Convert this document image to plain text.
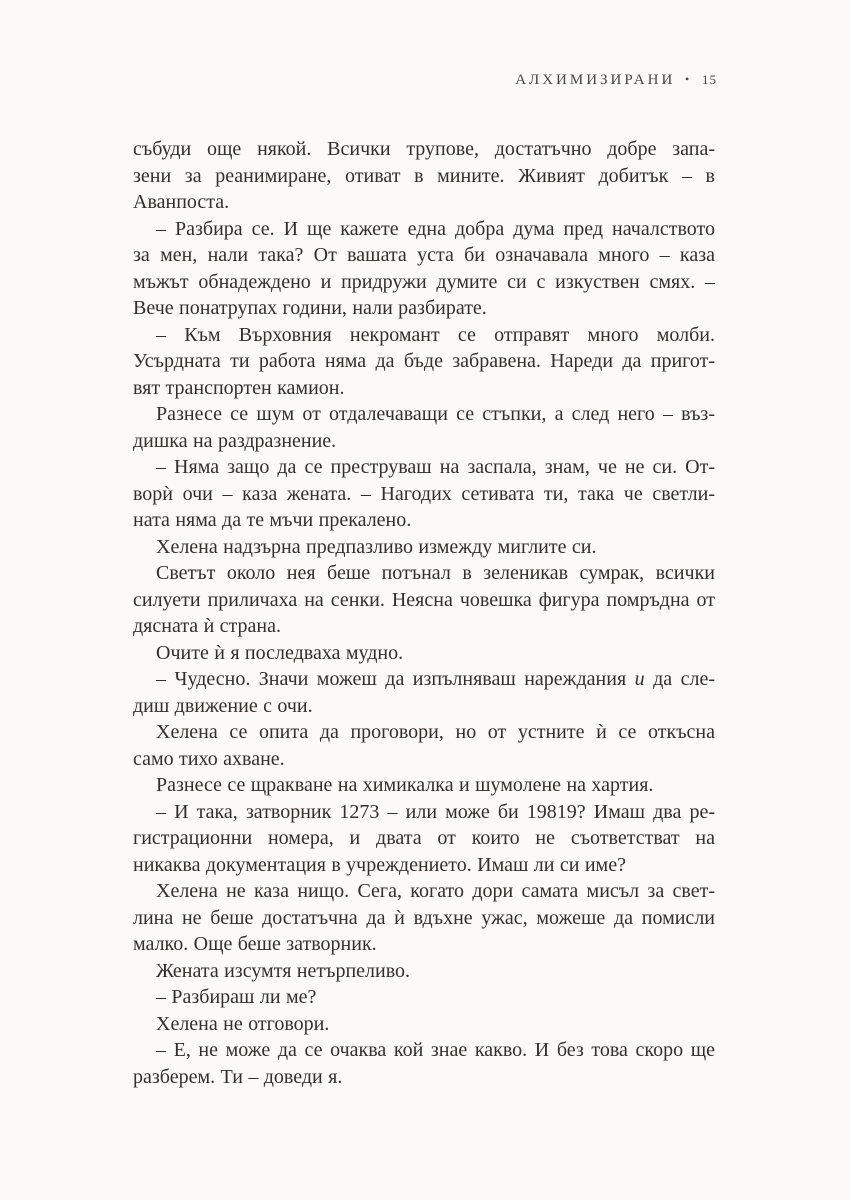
АЛХИМИЗИРАНИ • 15
събуди още някой. Всички трупове, достатъчно добре запа-
зени за реанимиране, отиват в мините. Живият добитък – в
Аванпоста.
– Разбира се. И ще кажете една добра дума пред началството
за мен, нали така? От вашата уста би означавала много – каза
мъжът обнадеждено и придружи думите си с изкуствен смях. –
Вече понатрупах години, нали разбирате.
– Към Върховния некромант се отправят много молби.
Усърдната ти работа няма да бъде забравена. Нареди да пригот-
вят транспортен камион.
Разнесе се шум от отдалечаващи се стъпки, а след него – въз-
дишка на раздразнение.
– Няма защо да се преструваш на заспала, знам, че не си. От-
ворѝ очи – каза жената. – Нагодих сетивата ти, така че светли-
ната няма да те мъчи прекалено.
Хелена надзърна предпазливо измежду миглите си.
Светът около нея беше потънал в зеленикав сумрак, всички
силуети приличаха на сенки. Неясна човешка фигура помръдна от
дясната ѝ страна.
Очите ѝ я последваха мудно.
– Чудесно. Значи можеш да изпълняваш нареждания и да сле-
диш движение с очи.
Хелена се опита да проговори, но от устните ѝ се откъсна
само тихо ахване.
Разнесе се щракване на химикалка и шумолене на хартия.
– И така, затворник 1273 – или може би 19819? Имаш два ре-
гистрационни номера, и двата от които не съответстват на
никаква документация в учреждението. Имаш ли си име?
Хелена не каза нищо. Сега, когато дори самата мисъл за свет-
лина не беше достатъчна да ѝ вдъхне ужас, можеше да помисли
малко. Още беше затворник.
Жената изсумтя нетърпеливо.
– Разбираш ли ме?
Хелена не отговори.
– Е, не може да се очаква кой знае какво. И без това скоро ще
разберем. Ти – доведи я.
